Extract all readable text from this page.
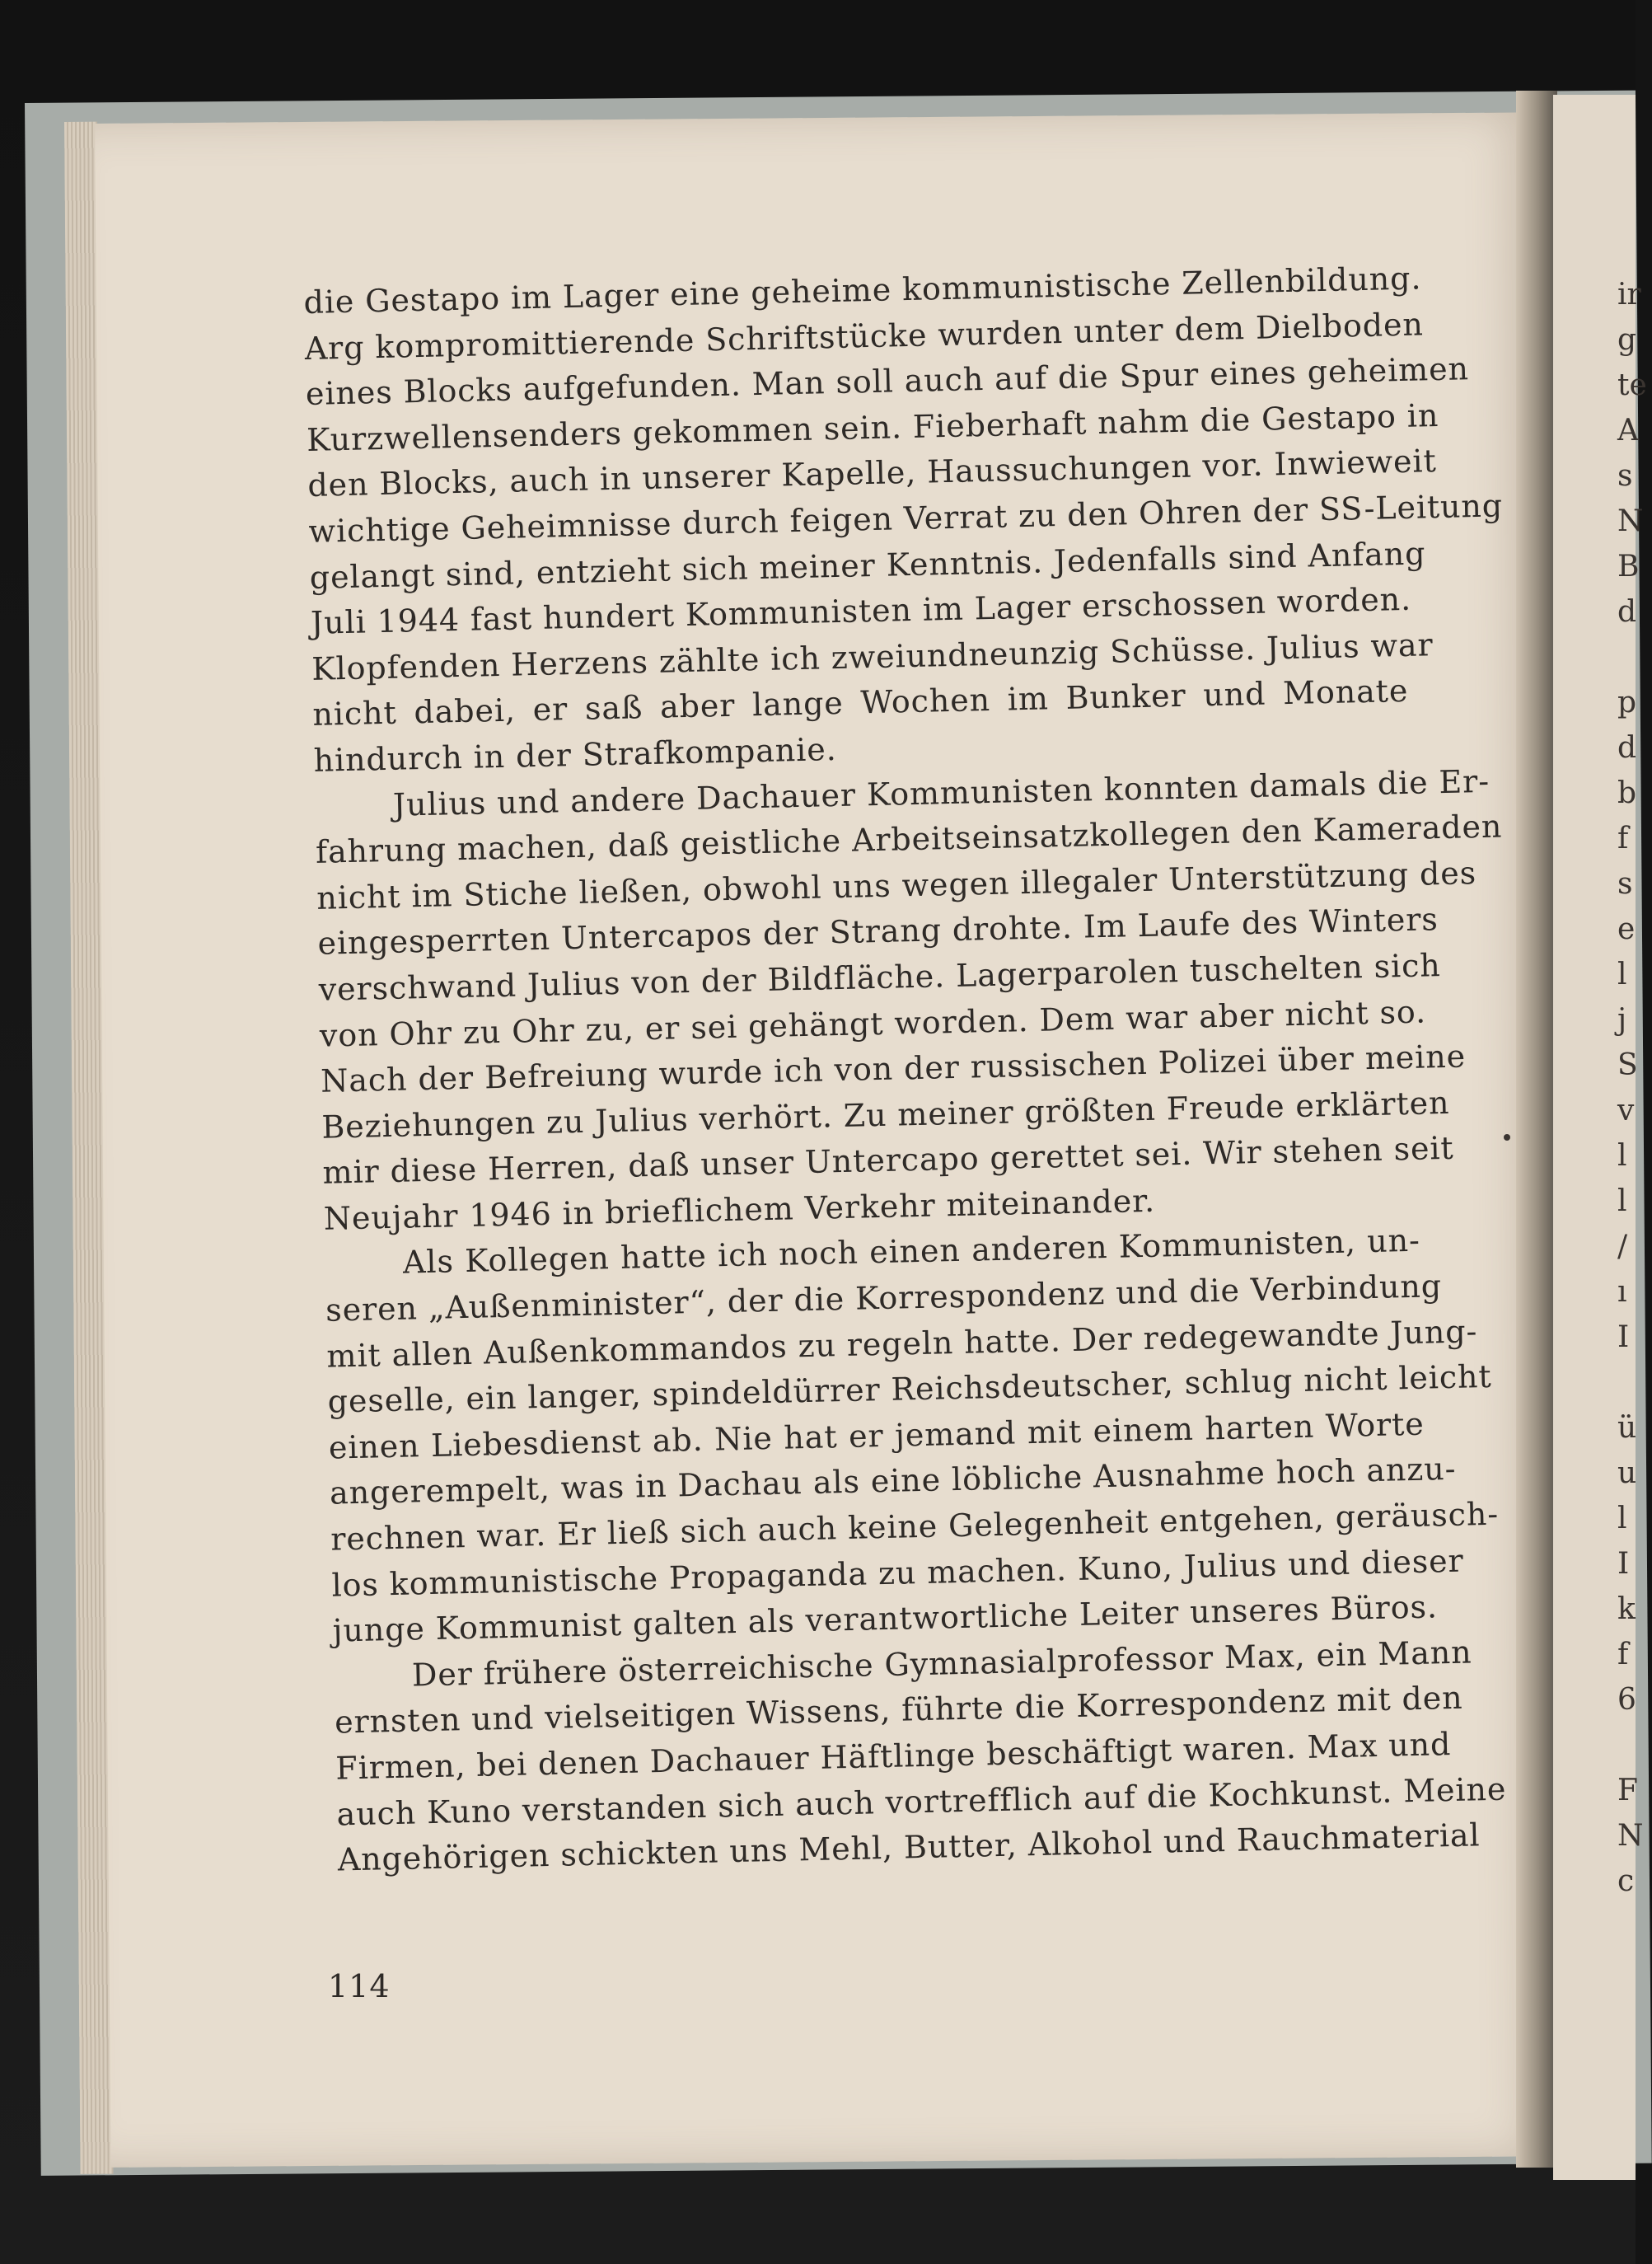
ir
g
te
A
s
N
B
d
p
d
b
f
s
e
l
j
S
v
l
l
/
ı
I
ü
u
l
I
k
f
6
F
N
c
die Gestapo im Lager eine geheime kommunistische Zellenbildung.
Arg kompromittierende Schriftstücke wurden unter dem Dielboden
eines Blocks aufgefunden. Man soll auch auf die Spur eines geheimen
Kurzwellensenders gekommen sein. Fieberhaft nahm die Gestapo in
den Blocks, auch in unserer Kapelle, Haussuchungen vor. Inwieweit
wichtige Geheimnisse durch feigen Verrat zu den Ohren der SS-Leitung
gelangt sind, entzieht sich meiner Kenntnis. Jedenfalls sind Anfang
Juli 1944 fast hundert Kommunisten im Lager erschossen worden.
Klopfenden Herzens zählte ich zweiundneunzig Schüsse. Julius war
nicht dabei, er saß aber lange Wochen im Bunker und Monate
hindurch in der Strafkompanie.
Julius und andere Dachauer Kommunisten konnten damals die Er-
fahrung machen, daß geistliche Arbeitseinsatzkollegen den Kameraden
nicht im Stiche ließen, obwohl uns wegen illegaler Unterstützung des
eingesperrten Untercapos der Strang drohte. Im Laufe des Winters
verschwand Julius von der Bildfläche. Lagerparolen tuschelten sich
von Ohr zu Ohr zu, er sei gehängt worden. Dem war aber nicht so.
Nach der Befreiung wurde ich von der russischen Polizei über meine
Beziehungen zu Julius verhört. Zu meiner größten Freude erklärten
mir diese Herren, daß unser Untercapo gerettet sei. Wir stehen seit
Neujahr 1946 in brieflichem Verkehr miteinander.
Als Kollegen hatte ich noch einen anderen Kommunisten, un-
seren „Außenminister“, der die Korrespondenz und die Verbindung
mit allen Außenkommandos zu regeln hatte. Der redegewandte Jung-
geselle, ein langer, spindeldürrer Reichsdeutscher, schlug nicht leicht
einen Liebesdienst ab. Nie hat er jemand mit einem harten Worte
angerempelt, was in Dachau als eine löbliche Ausnahme hoch anzu-
rechnen war. Er ließ sich auch keine Gelegenheit entgehen, geräusch-
los kommunistische Propaganda zu machen. Kuno, Julius und dieser
junge Kommunist galten als verantwortliche Leiter unseres Büros.
Der frühere österreichische Gymnasialprofessor Max, ein Mann
ernsten und vielseitigen Wissens, führte die Korrespondenz mit den
Firmen, bei denen Dachauer Häftlinge beschäftigt waren. Max und
auch Kuno verstanden sich auch vortrefflich auf die Kochkunst. Meine
Angehörigen schickten uns Mehl, Butter, Alkohol und Rauchmaterial
114
